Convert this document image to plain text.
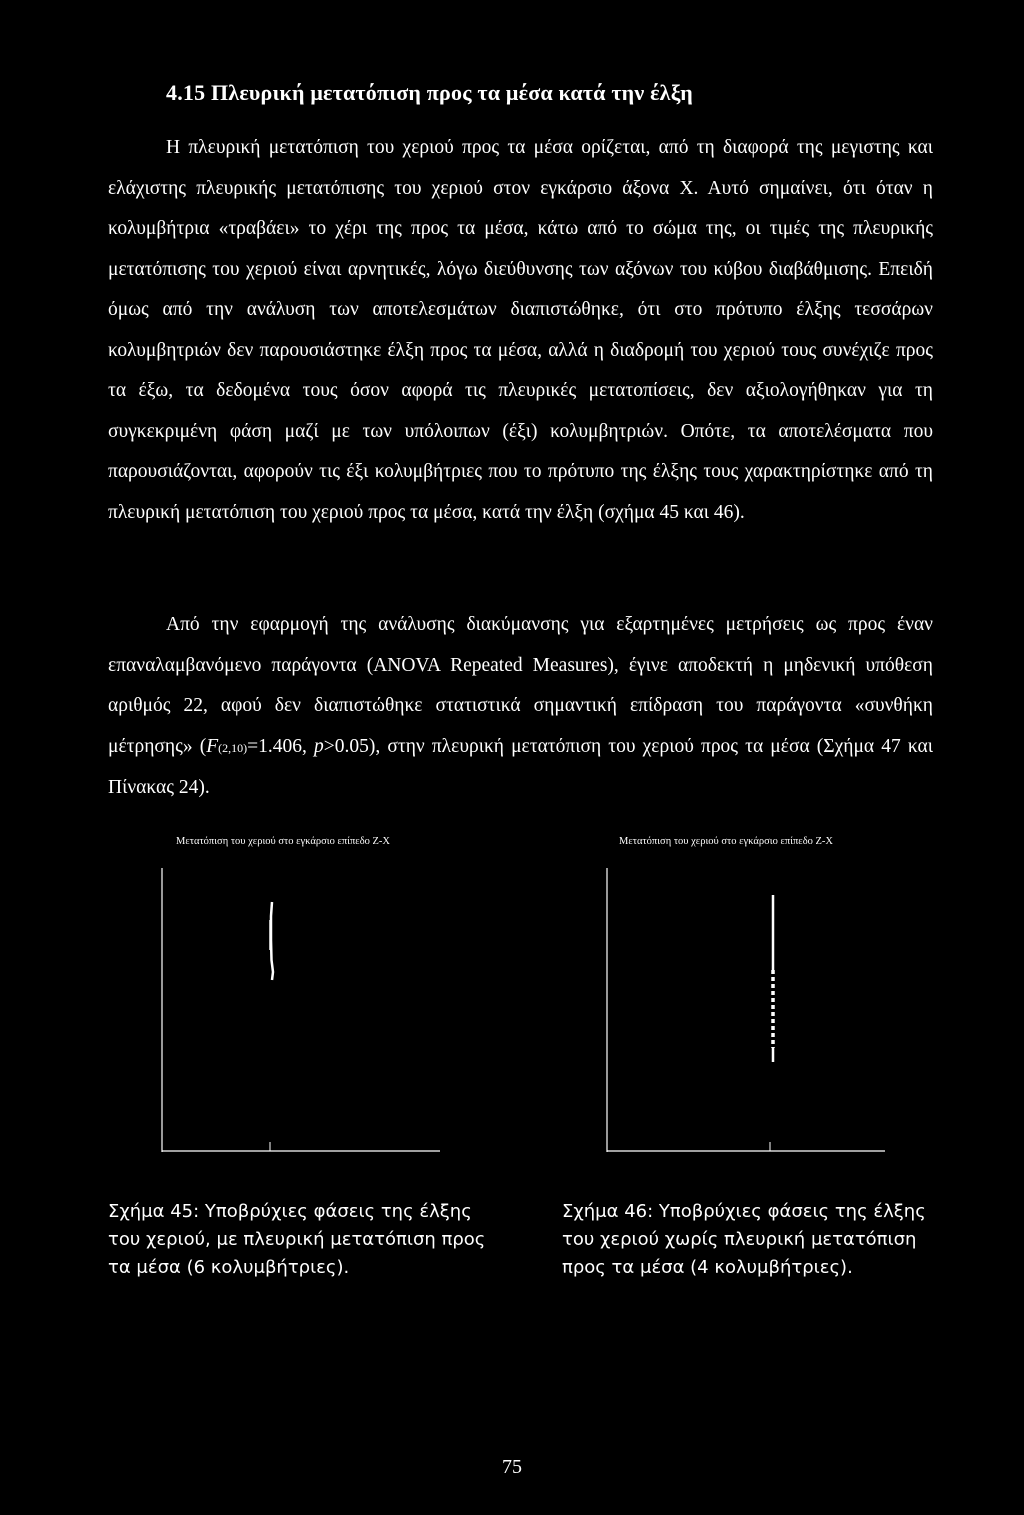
4.15 Πλευρική μετατόπιση προς τα μέσα κατά την έλξη

Η πλευρική μετατόπιση του χεριού προς τα μέσα ορίζεται, από τη διαφορά της μεγιστης και ελάχιστης πλευρικής μετατόπισης του χεριού στον εγκάρσιο άξονα Χ. Αυτό σημαίνει, ότι όταν η κολυμβήτρια «τραβάει» το χέρι της προς τα μέσα, κάτω από το σώμα της, οι τιμές της πλευρικής μετατόπισης του χεριού είναι αρνητικές, λόγω διεύθυνσης των αξόνων του κύβου διαβάθμισης. Επειδή όμως από την ανάλυση των αποτελεσμάτων διαπιστώθηκε, ότι στο πρότυπο έλξης τεσσάρων κολυμβητριών δεν παρουσιάστηκε έλξη προς τα μέσα, αλλά η διαδρομή του χεριού τους συνέχιζε προς τα έξω, τα δεδομένα τους όσον αφορά τις πλευρικές μετατοπίσεις, δεν αξιολογήθηκαν για τη συγκεκριμένη φάση μαζί με των υπόλοιπων (έξι) κολυμβητριών. Οπότε, τα αποτελέσματα που παρουσιάζονται, αφορούν τις έξι κολυμβήτριες που το πρότυπο της έλξης τους χαρακτηρίστηκε από τη πλευρική μετατόπιση του χεριού προς τα μέσα, κατά την έλξη (σχήμα 45 και 46).

Από την εφαρμογή της ανάλυσης διακύμανσης για εξαρτημένες μετρήσεις ως προς έναν επαναλαμβανόμενο παράγοντα (ANOVA Repeated Measures), έγινε αποδεκτή η μηδενική υπόθεση αριθμός 22, αφού δεν διαπιστώθηκε στατιστικά σημαντική επίδραση του παράγοντα «συνθήκη μέτρησης» (F(2,10)=1.406, p>0.05), στην πλευρική μετατόπιση του χεριού προς τα μέσα (Σχήμα 47 και Πίνακας 24).

Μετατόπιση του χεριού στο εγκάρσιο επίπεδο Z-X	Μετατόπιση του χεριού στο εγκάρσιο επίπεδο Z-X

Σχήμα 45: Υποβρύχιες φάσεις της έλξης
του χεριού, με πλευρική μετατόπιση προς
τα μέσα (6 κολυμβήτριες).

Σχήμα 46: Υποβρύχιες φάσεις της έλξης
του χεριού χωρίς πλευρική μετατόπιση
προς τα μέσα (4 κολυμβήτριες).

75
